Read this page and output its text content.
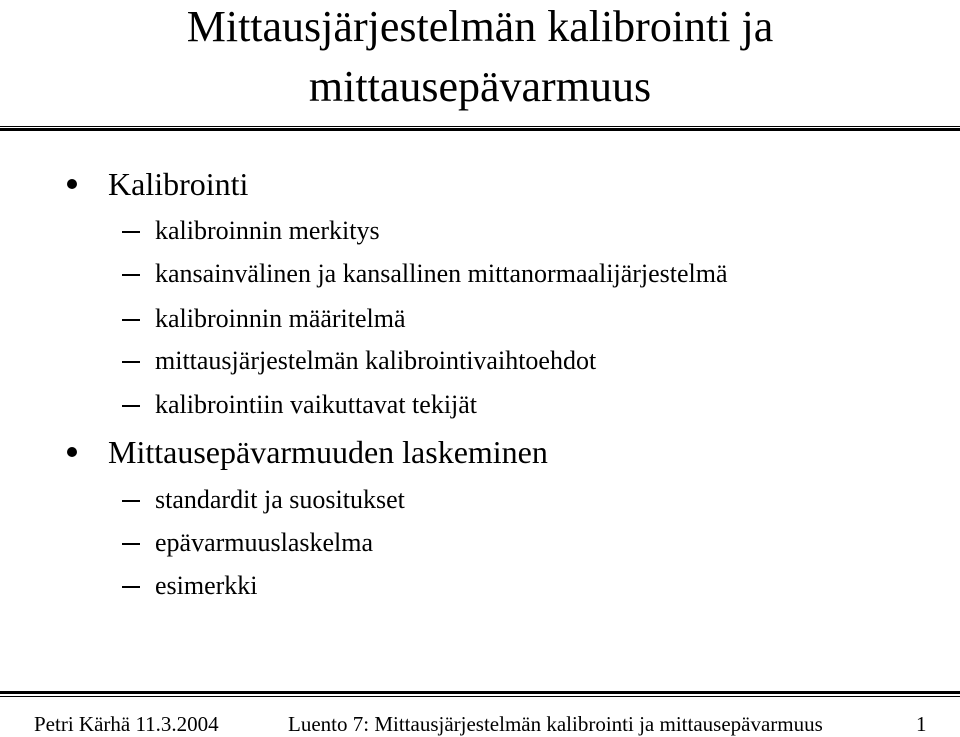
Mittausjärjestelmän kalibrointi ja
mittausepävarmuus
Kalibrointi
kalibroinnin merkitys
kansainvälinen ja kansallinen mittanormaalijärjestelmä
kalibroinnin määritelmä
mittausjärjestelmän kalibrointivaihtoehdot
kalibrointiin vaikuttavat tekijät
Mittausepävarmuuden laskeminen
standardit ja suositukset
epävarmuuslaskelma
esimerkki
Petri Kärhä 11.3.2004	Luento 7: Mittausjärjestelmän kalibrointi ja mittausepävarmuus	1
